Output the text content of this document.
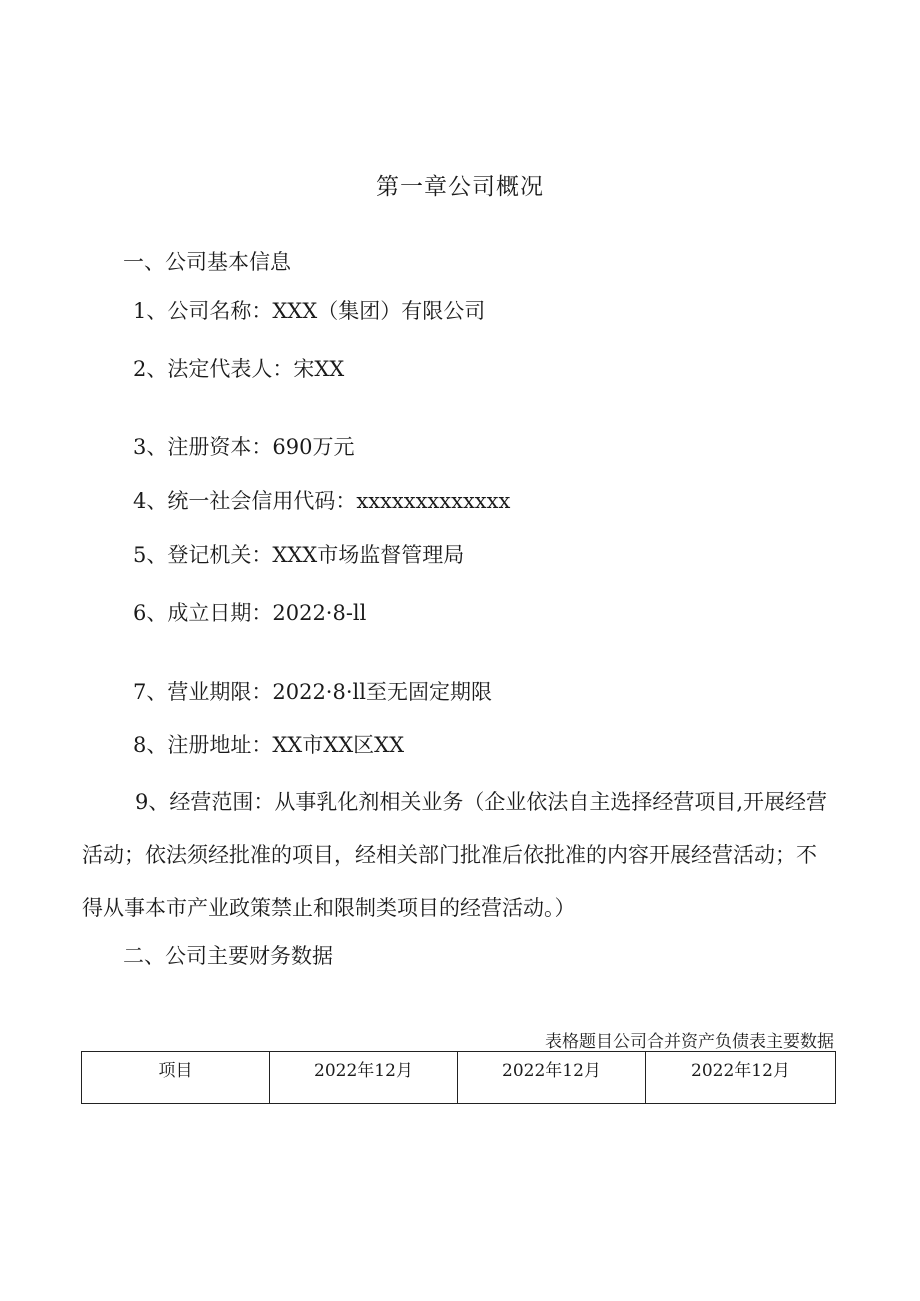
第一章公司概况
一、公司基本信息
1、公司名称：XXX（集团）有限公司
2、法定代表人：宋XX
3、注册资本：690万元
4、统一社会信用代码：xxxxxxxxxxxxx
5、登记机关：XXX市场监督管理局
6、成立日期：2022·8-ll
7、营业期限：2022·8·ll至无固定期限
8、注册地址：XX市XX区XX
9、经营范围：从事乳化剂相关业务（企业依法自主选择经营项目,开展经营活动；依法须经批准的项目，经相关部门批准后依批准的内容开展经营活动；不得从事本市产业政策禁止和限制类项目的经营活动。）
二、公司主要财务数据
表格题目公司合并资产负债表主要数据
项目	2022年12月	2022年12月	2022年12月
